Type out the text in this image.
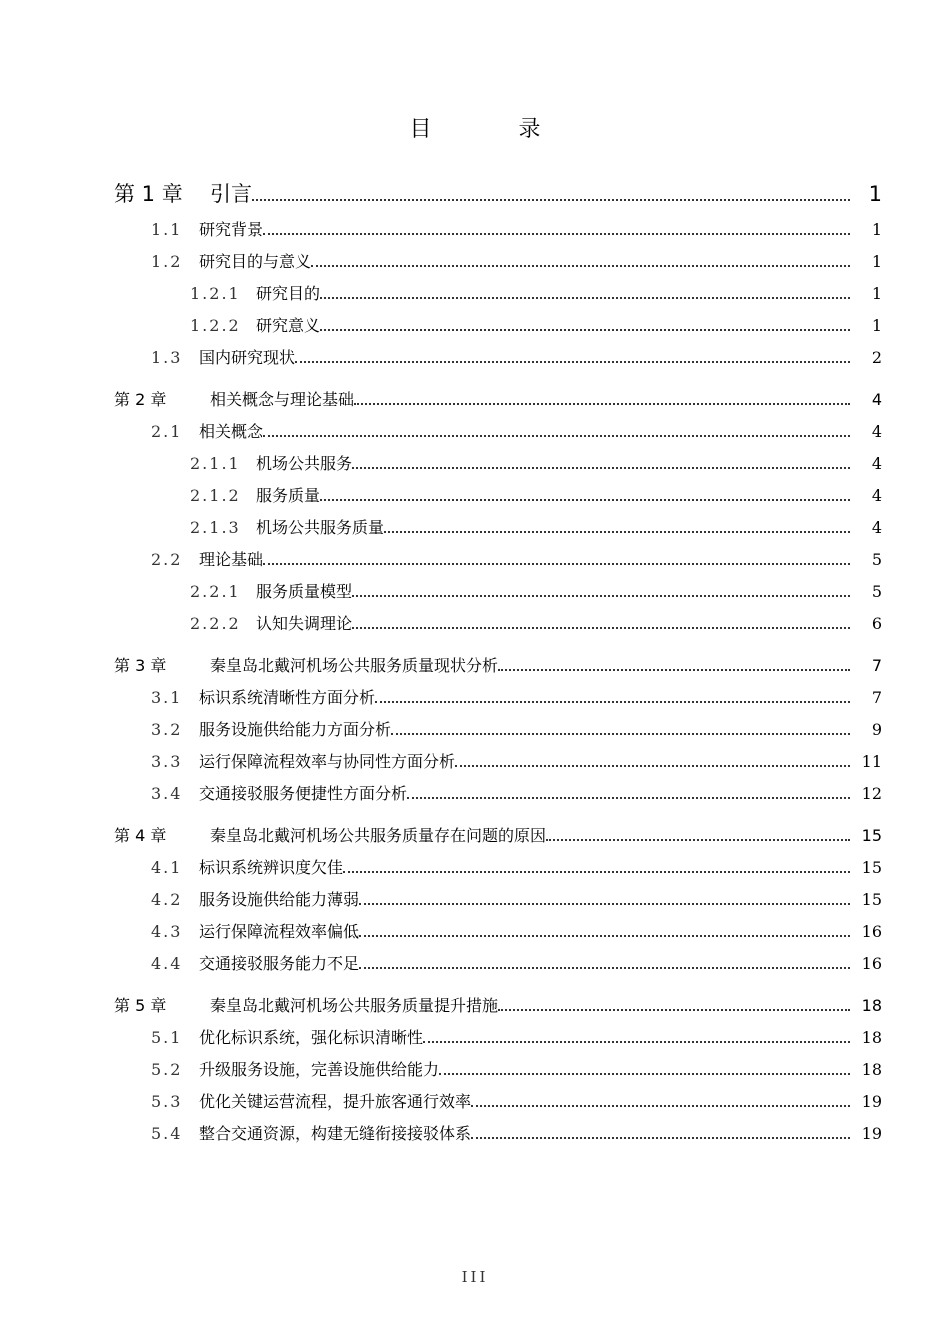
目 录
第 1 章	引言	1
1.1	研究背景	1
1.2	研究目的与意义	1
1.2.1 研究目的	1
1.2.2 研究意义	1
1.3	国内研究现状	2
第 2 章	相关概念与理论基础	4
2.1	相关概念	4
2.1.1 机场公共服务	4
2.1.2 服务质量	4
2.1.3 机场公共服务质量	4
2.2	理论基础	5
2.2.1 服务质量模型	5
2.2.2 认知失调理论	6
第 3 章	秦皇岛北戴河机场公共服务质量现状分析	7
3.1	标识系统清晰性方面分析	7
3.2	服务设施供给能力方面分析	9
3.3	运行保障流程效率与协同性方面分析	11
3.4	交通接驳服务便捷性方面分析	12
第 4 章	秦皇岛北戴河机场公共服务质量存在问题的原因	15
4.1	标识系统辨识度欠佳	15
4.2	服务设施供给能力薄弱	15
4.3	运行保障流程效率偏低	16
4.4	交通接驳服务能力不足	16
第 5 章	秦皇岛北戴河机场公共服务质量提升措施	18
5.1	优化标识系统，强化标识清晰性	18
5.2	升级服务设施，完善设施供给能力	18
5.3	优化关键运营流程，提升旅客通行效率	19
5.4	整合交通资源，构建无缝衔接接驳体系	19
III
